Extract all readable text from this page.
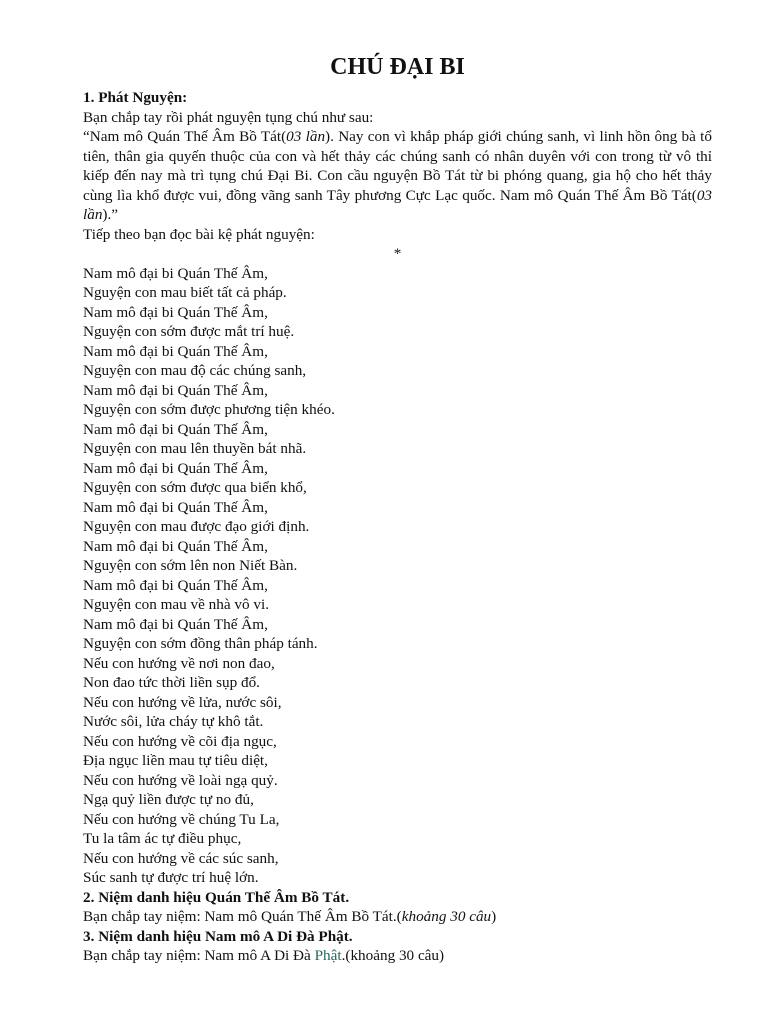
CHÚ ĐẠI BI

1. Phát Nguyện:

Bạn chắp tay rồi phát nguyện tụng chú như sau:

“Nam mô Quán Thế Âm Bồ Tát(03 lần). Nay con vì khắp pháp giới chúng sanh, vì linh hồn ông bà tổ tiên, thân gia quyến thuộc của con và hết thảy các chúng sanh có nhân duyên với con trong từ vô thỉ kiếp đến nay mà trì tụng chú Đại Bi. Con cầu nguyện Bồ Tát từ bi phóng quang, gia hộ cho hết thảy cùng lìa khổ được vui, đồng vãng sanh Tây phương Cực Lạc quốc. Nam mô Quán Thế Âm Bồ Tát(03 lần).”

Tiếp theo bạn đọc bài kệ phát nguyện:

*

Nam mô đại bi Quán Thế Âm,
Nguyện con mau biết tất cả pháp.
Nam mô đại bi Quán Thế Âm,
Nguyện con sớm được mắt trí huệ.
Nam mô đại bi Quán Thế Âm,
Nguyện con mau độ các chúng sanh,
Nam mô đại bi Quán Thế Âm,
Nguyện con sớm được phương tiện khéo.
Nam mô đại bi Quán Thế Âm,
Nguyện con mau lên thuyền bát nhã.
Nam mô đại bi Quán Thế Âm,
Nguyện con sớm được qua biển khổ,
Nam mô đại bi Quán Thế Âm,
Nguyện con mau được đạo giới định.
Nam mô đại bi Quán Thế Âm,
Nguyện con sớm lên non Niết Bàn.
Nam mô đại bi Quán Thế Âm,
Nguyện con mau về nhà vô vi.
Nam mô đại bi Quán Thế Âm,
Nguyện con sớm đồng thân pháp tánh.
Nếu con hướng về nơi non đao,
Non đao tức thời liền sụp đổ.
Nếu con hướng về lửa, nước sôi,
Nước sôi, lửa cháy tự khô tắt.
Nếu con hướng về cõi địa ngục,
Địa ngục liền mau tự tiêu diệt,
Nếu con hướng về loài ngạ quỷ.
Ngạ quỷ liền được tự no đủ,
Nếu con hướng về chúng Tu La,
Tu la tâm ác tự điều phục,
Nếu con hướng về các súc sanh,
Súc sanh tự được trí huệ lớn.

2. Niệm danh hiệu Quán Thế Âm Bồ Tát.

Bạn chắp tay niệm: Nam mô Quán Thế Âm Bồ Tát.(khoảng 30 câu)

3. Niệm danh hiệu Nam mô A Di Đà Phật.

Bạn chắp tay niệm: Nam mô A Di Đà Phật.(khoảng 30 câu)
